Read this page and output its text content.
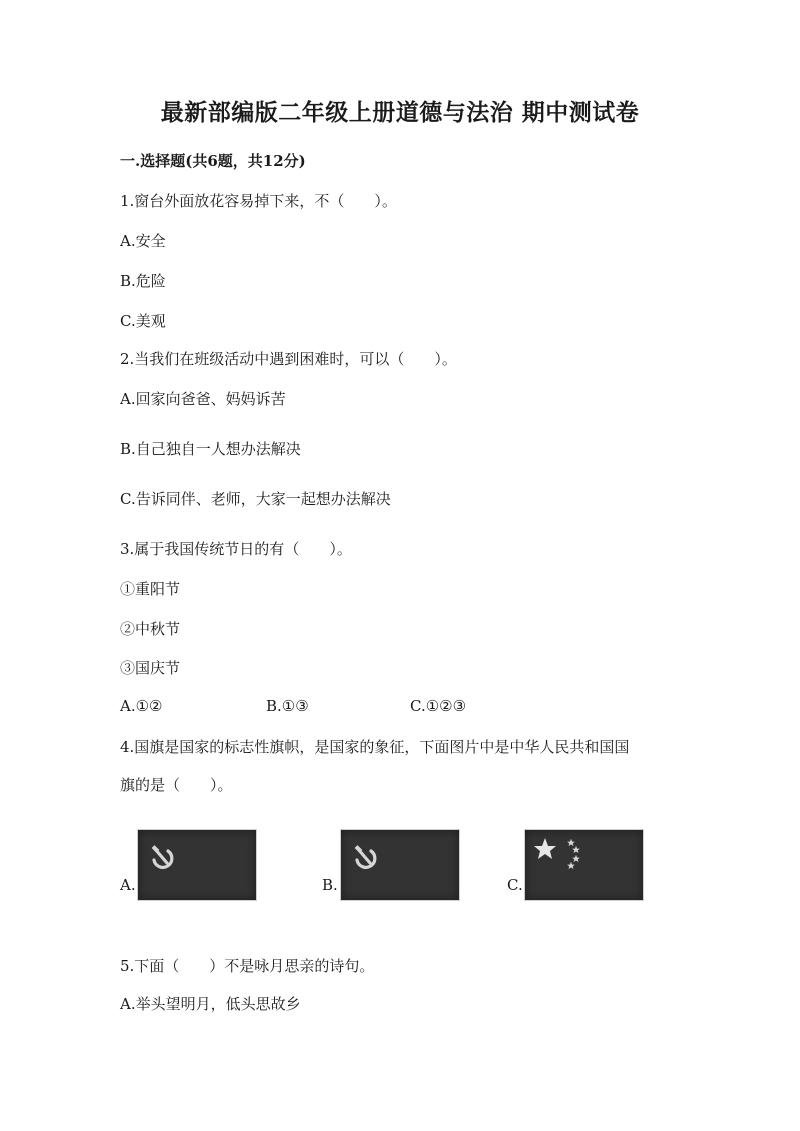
最新部编版二年级上册道德与法治 期中测试卷
一.选择题(共6题，共12分)
1.窗台外面放花容易掉下来，不（　　）。
A.安全
B.危险
C.美观
2.当我们在班级活动中遇到困难时，可以（　　）。
A.回家向爸爸、妈妈诉苦
B.自己独自一人想办法解决
C.告诉同伴、老师，大家一起想办法解决
3.属于我国传统节日的有（　　）。
①重阳节
②中秋节
③国庆节
A.①②	B.①③	C.①②③
4.国旗是国家的标志性旗帜，是国家的象征，下面图片中是中华人民共和国国
旗的是（　　）。
A.	B.	C.
5.下面（　　）不是咏月思亲的诗句。
A.举头望明月，低头思故乡
